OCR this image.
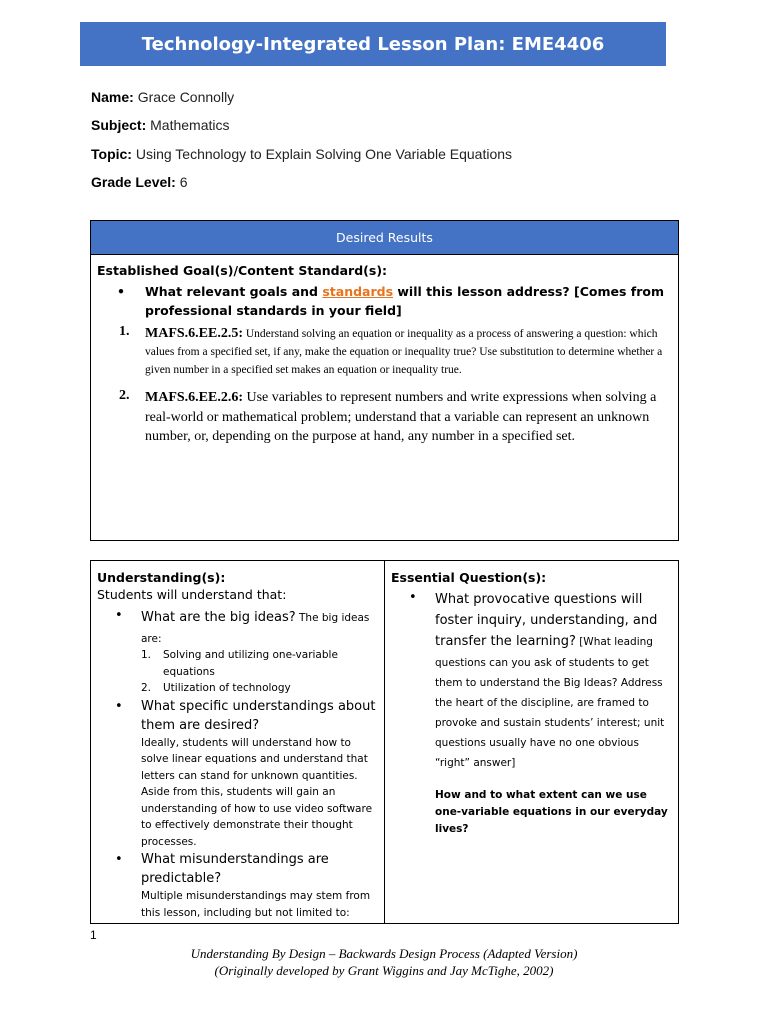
Technology-Integrated Lesson Plan: EME4406
Name: Grace Connolly
Subject: Mathematics
Topic: Using Technology to Explain Solving One Variable Equations
Grade Level: 6
Desired Results
Established Goal(s)/Content Standard(s):
•	What relevant goals and standards will this lesson address? [Comes from professional standards in your field]
1.	MAFS.6.EE.2.5: Understand solving an equation or inequality as a process of answering a question: which values from a specified set, if any, make the equation or inequality true? Use substitution to determine whether a given number in a specified set makes an equation or inequality true.
2.	MAFS.6.EE.2.6: Use variables to represent numbers and write expressions when solving a real-world or mathematical problem; understand that a variable can represent an unknown number, or, depending on the purpose at hand, any number in a specified set.
Understanding(s):
Students will understand that:
•	What are the big ideas? The big ideas are:
1.	Solving and utilizing one-variable equations
2.	Utilization of technology
•	What specific understandings about them are desired?
Ideally, students will understand how to solve linear equations and understand that letters can stand for unknown quantities. Aside from this, students will gain an understanding of how to use video software to effectively demonstrate their thought processes.
•	What misunderstandings are predictable?
Multiple misunderstandings may stem from this lesson, including but not limited to:
Essential Question(s):
•	What provocative questions will foster inquiry, understanding, and transfer the learning? [What leading questions can you ask of students to get them to understand the Big Ideas? Address the heart of the discipline, are framed to provoke and sustain students’ interest; unit questions usually have no one obvious “right” answer]
How and to what extent can we use one-variable equations in our everyday lives?
1
Understanding By Design – Backwards Design Process (Adapted Version)
(Originally developed by Grant Wiggins and Jay McTighe, 2002)
